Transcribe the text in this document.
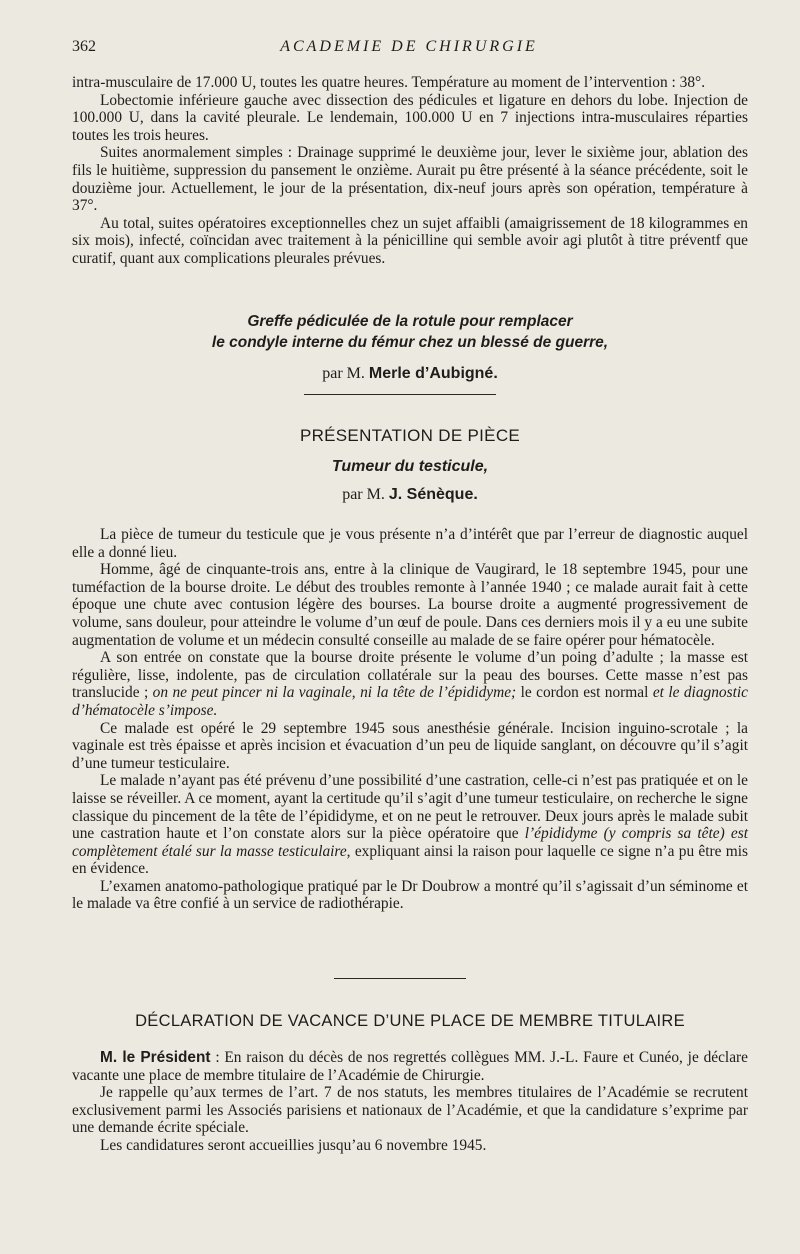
362	ACADEMIE DE CHIRURGIE

intra-musculaire de 17.000 U, toutes les quatre heures. Température au moment de l’intervention : 38°.

Lobectomie inférieure gauche avec dissection des pédicules et ligature en dehors du lobe. Injection de 100.000 U, dans la cavité pleurale. Le lendemain, 100.000 U en 7 injections intra-musculaires réparties toutes les trois heures.

Suites anormalement simples : Drainage supprimé le deuxième jour, lever le sixième jour, ablation des fils le huitième, suppression du pansement le onzième. Aurait pu être présenté à la séance précédente, soit le douzième jour. Actuellement, le jour de la présentation, dix-neuf jours après son opération, température à 37°.

Au total, suites opératoires exceptionnelles chez un sujet affaibli (amaigrissement de 18 kilogrammes en six mois), infecté, coïncidan avec traitement à la pénicilline qui semble avoir agi plutôt à titre préventf que curatif, quant aux complications pleurales prévues.

Greffe pédiculée de la rotule pour remplacer
le condyle interne du fémur chez un blessé de guerre,
par M. Merle d’Aubigné.
PRÉSENTATION DE PIÈCE
Tumeur du testicule,
par M. J. Sénèque.

La pièce de tumeur du testicule que je vous présente n’a d’intérêt que par l’erreur de diagnostic auquel elle a donné lieu.

Homme, âgé de cinquante-trois ans, entre à la clinique de Vaugirard, le 18 septembre 1945, pour une tuméfaction de la bourse droite. Le début des troubles remonte à l’année 1940 ; ce malade aurait fait à cette époque une chute avec contusion légère des bourses. La bourse droite a augmenté progressivement de volume, sans douleur, pour atteindre le volume d’un œuf de poule. Dans ces derniers mois il y a eu une subite augmentation de volume et un médecin consulté conseille au malade de se faire opérer pour hématocèle.

A son entrée on constate que la bourse droite présente le volume d’un poing d’adulte ; la masse est régulière, lisse, indolente, pas de circulation collatérale sur la peau des bourses. Cette masse n’est pas translucide ; on ne peut pincer ni la vaginale, ni la tête de l’épididyme; le cordon est normal et le diagnostic d’hématocèle s’impose.

Ce malade est opéré le 29 septembre 1945 sous anesthésie générale. Incision inguino-scrotale ; la vaginale est très épaisse et après incision et évacuation d’un peu de liquide sanglant, on découvre qu’il s’agit d’une tumeur testiculaire.

Le malade n’ayant pas été prévenu d’une possibilité d’une castration, celle-ci n’est pas pratiquée et on le laisse se réveiller. A ce moment, ayant la certitude qu’il s’agit d’une tumeur testiculaire, on recherche le signe classique du pincement de la tête de l’épididyme, et on ne peut le retrouver. Deux jours après le malade subit une castration haute et l’on constate alors sur la pièce opératoire que l’épididyme (y compris sa tête) est complètement étalé sur la masse testiculaire, expliquant ainsi la raison pour laquelle ce signe n’a pu être mis en évidence.

L’examen anatomo-pathologique pratiqué par le Dr Doubrow a montré qu’il s’agissait d’un séminome et le malade va être confié à un service de radiothérapie.

DÉCLARATION DE VACANCE D’UNE PLACE DE MEMBRE TITULAIRE

M. le Président : En raison du décès de nos regrettés collègues MM. J.-L. Faure et Cunéo, je déclare vacante une place de membre titulaire de l’Académie de Chirurgie.

Je rappelle qu’aux termes de l’art. 7 de nos statuts, les membres titulaires de l’Académie se recrutent exclusivement parmi les Associés parisiens et nationaux de l’Académie, et que la candidature s’exprime par une demande écrite spéciale.

Les candidatures seront accueillies jusqu’au 6 novembre 1945.
